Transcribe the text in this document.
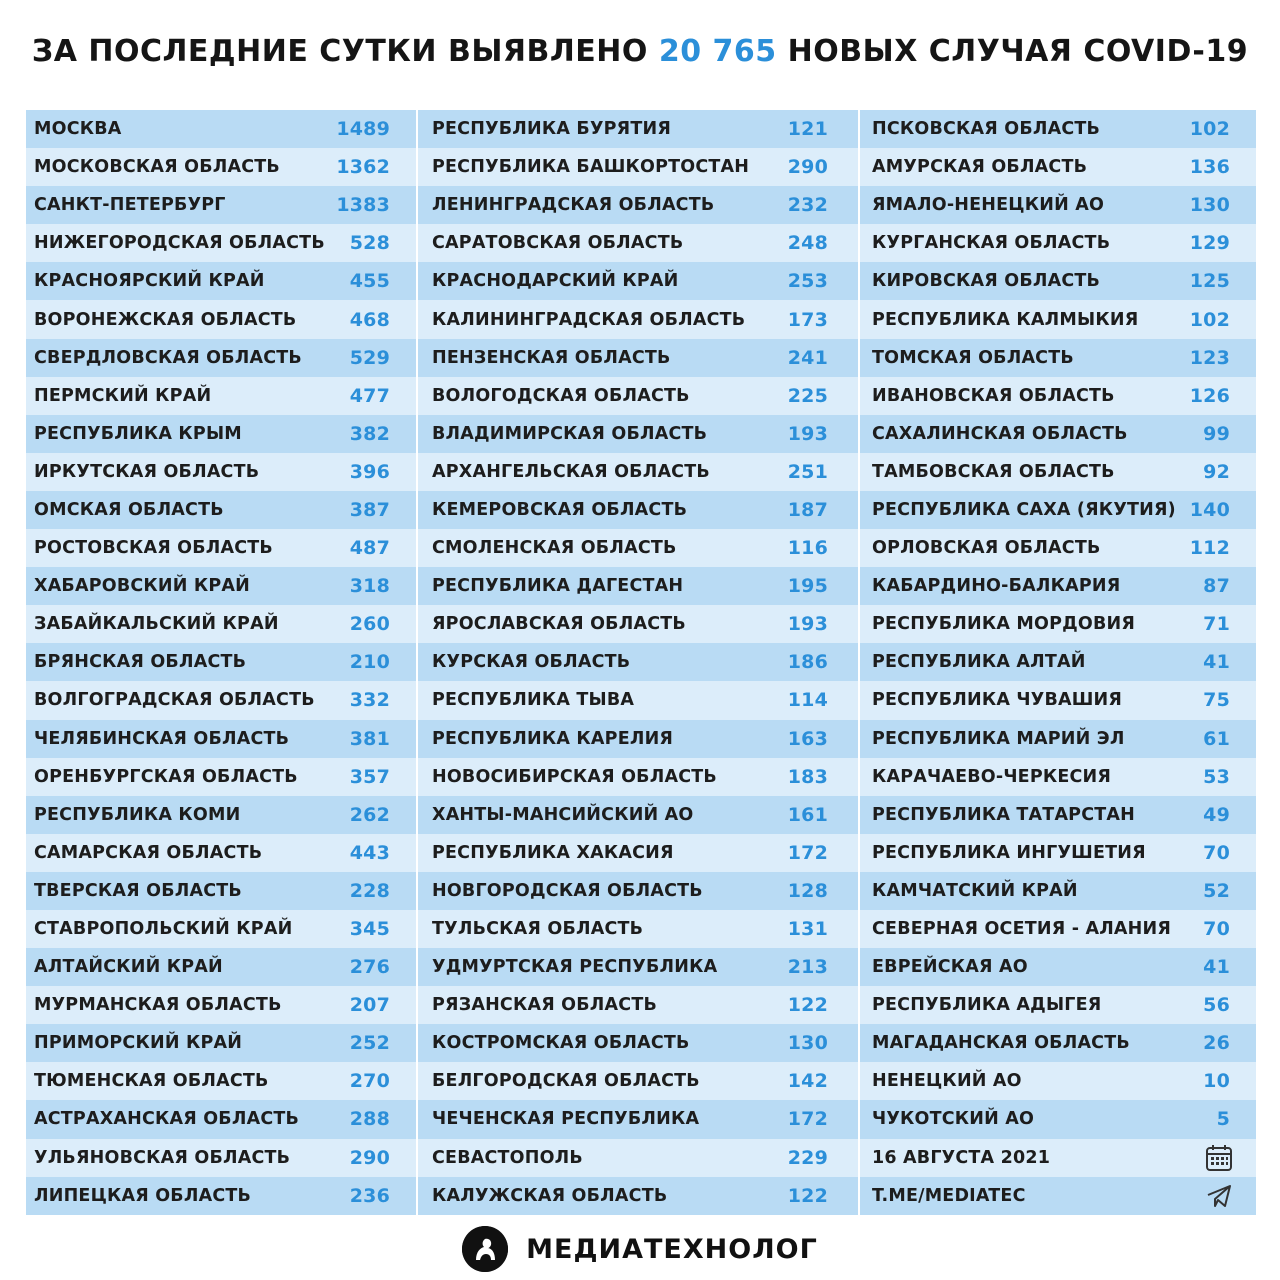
ЗА ПОСЛЕДНИЕ СУТКИ ВЫЯВЛЕНО 20 765 НОВЫХ СЛУЧАЯ COVID-19
МОСКВА	1489
МОСКОВСКАЯ ОБЛАСТЬ	1362
САНКТ-ПЕТЕРБУРГ	1383
НИЖЕГОРОДСКАЯ ОБЛАСТЬ	528
КРАСНОЯРСКИЙ КРАЙ	455
ВОРОНЕЖСКАЯ ОБЛАСТЬ	468
СВЕРДЛОВСКАЯ ОБЛАСТЬ	529
ПЕРМСКИЙ КРАЙ	477
РЕСПУБЛИКА КРЫМ	382
ИРКУТСКАЯ ОБЛАСТЬ	396
ОМСКАЯ ОБЛАСТЬ	387
РОСТОВСКАЯ ОБЛАСТЬ	487
ХАБАРОВСКИЙ КРАЙ	318
ЗАБАЙКАЛЬСКИЙ КРАЙ	260
БРЯНСКАЯ ОБЛАСТЬ	210
ВОЛГОГРАДСКАЯ ОБЛАСТЬ	332
ЧЕЛЯБИНСКАЯ ОБЛАСТЬ	381
ОРЕНБУРГСКАЯ ОБЛАСТЬ	357
РЕСПУБЛИКА КОМИ	262
САМАРСКАЯ ОБЛАСТЬ	443
ТВЕРСКАЯ ОБЛАСТЬ	228
СТАВРОПОЛЬСКИЙ КРАЙ	345
АЛТАЙСКИЙ КРАЙ	276
МУРМАНСКАЯ ОБЛАСТЬ	207
ПРИМОРСКИЙ КРАЙ	252
ТЮМЕНСКАЯ ОБЛАСТЬ	270
АСТРАХАНСКАЯ ОБЛАСТЬ	288
УЛЬЯНОВСКАЯ ОБЛАСТЬ	290
ЛИПЕЦКАЯ ОБЛАСТЬ	236
РЕСПУБЛИКА БУРЯТИЯ	121
РЕСПУБЛИКА БАШКОРТОСТАН	290
ЛЕНИНГРАДСКАЯ ОБЛАСТЬ	232
САРАТОВСКАЯ ОБЛАСТЬ	248
КРАСНОДАРСКИЙ КРАЙ	253
КАЛИНИНГРАДСКАЯ ОБЛАСТЬ	173
ПЕНЗЕНСКАЯ ОБЛАСТЬ	241
ВОЛОГОДСКАЯ ОБЛАСТЬ	225
ВЛАДИМИРСКАЯ ОБЛАСТЬ	193
АРХАНГЕЛЬСКАЯ ОБЛАСТЬ	251
КЕМЕРОВСКАЯ ОБЛАСТЬ	187
СМОЛЕНСКАЯ ОБЛАСТЬ	116
РЕСПУБЛИКА ДАГЕСТАН	195
ЯРОСЛАВСКАЯ ОБЛАСТЬ	193
КУРСКАЯ ОБЛАСТЬ	186
РЕСПУБЛИКА ТЫВА	114
РЕСПУБЛИКА КАРЕЛИЯ	163
НОВОСИБИРСКАЯ ОБЛАСТЬ	183
ХАНТЫ-МАНСИЙСКИЙ АО	161
РЕСПУБЛИКА ХАКАСИЯ	172
НОВГОРОДСКАЯ ОБЛАСТЬ	128
ТУЛЬСКАЯ ОБЛАСТЬ	131
УДМУРТСКАЯ РЕСПУБЛИКА	213
РЯЗАНСКАЯ ОБЛАСТЬ	122
КОСТРОМСКАЯ ОБЛАСТЬ	130
БЕЛГОРОДСКАЯ ОБЛАСТЬ	142
ЧЕЧЕНСКАЯ РЕСПУБЛИКА	172
СЕВАСТОПОЛЬ	229
КАЛУЖСКАЯ ОБЛАСТЬ	122
ПСКОВСКАЯ ОБЛАСТЬ	102
АМУРСКАЯ ОБЛАСТЬ	136
ЯМАЛО-НЕНЕЦКИЙ АО	130
КУРГАНСКАЯ ОБЛАСТЬ	129
КИРОВСКАЯ ОБЛАСТЬ	125
РЕСПУБЛИКА КАЛМЫКИЯ	102
ТОМСКАЯ ОБЛАСТЬ	123
ИВАНОВСКАЯ ОБЛАСТЬ	126
САХАЛИНСКАЯ ОБЛАСТЬ	99
ТАМБОВСКАЯ ОБЛАСТЬ	92
РЕСПУБЛИКА САХА (ЯКУТИЯ) 140
ОРЛОВСКАЯ ОБЛАСТЬ	112
КАБАРДИНО-БАЛКАРИЯ	87
РЕСПУБЛИКА МОРДОВИЯ	71
РЕСПУБЛИКА АЛТАЙ	41
РЕСПУБЛИКА ЧУВАШИЯ	75
РЕСПУБЛИКА МАРИЙ ЭЛ	61
КАРАЧАЕВО-ЧЕРКЕСИЯ	53
РЕСПУБЛИКА ТАТАРСТАН	49
РЕСПУБЛИКА ИНГУШЕТИЯ	70
КАМЧАТСКИЙ КРАЙ	52
СЕВЕРНАЯ ОСЕТИЯ - АЛАНИЯ	70
ЕВРЕЙСКАЯ АО	41
РЕСПУБЛИКА АДЫГЕЯ	56
МАГАДАНСКАЯ ОБЛАСТЬ	26
НЕНЕЦКИЙ АО	10
ЧУКОТСКИЙ АО	5
16 АВГУСТА 2021
T.ME/MEDIATEC
МЕДИАТЕХНОЛОГ
